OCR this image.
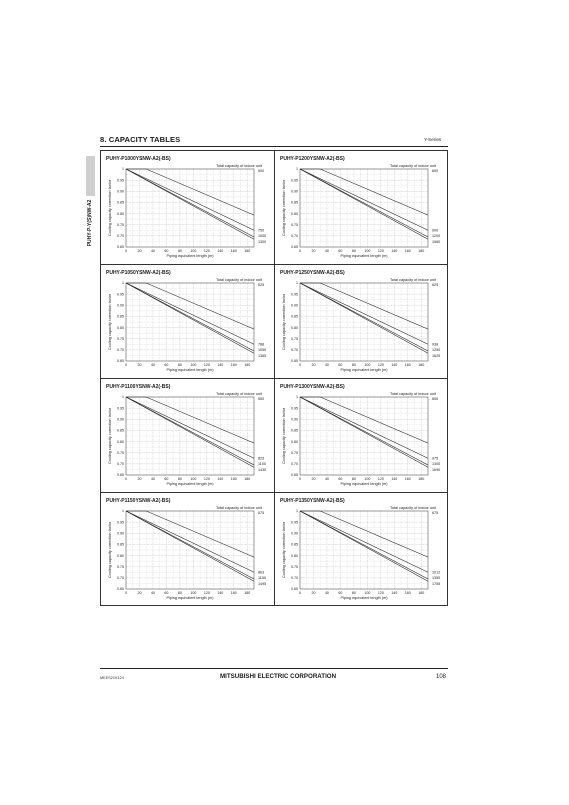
8. CAPACITY TABLES	Y-Series
PUHY-P-Y(S)NW-A2
PUHY-P1000YSNW-A2(-BS)
0.65
0.70
0.75
0.80
0.85
0.90
0.95
1
0	20	40	60	80 100 120 140 160 180
Piping equivalent length (m)
Cooling capacity correction factor
Total capacity of indoor unit
500
750
1000
1300
PUHY-P1200YSNW-A2(-BS)
0.65
0.70
0.75
0.80
0.85
0.90
0.95
1
0	20	40	60	80 100 120 140 160 180
Piping equivalent length (m)
Cooling capacity correction factor
Total capacity of indoor unit
600
900
1200
1560
PUHY-P1050YSNW-A2(-BS)
0.65
0.70
0.75
0.80
0.85
0.90
0.95
1
0	20	40	60	80 100 120 140 160 180
Piping equivalent length (m)
Cooling capacity correction factor
Total capacity of indoor unit
525
788
1050
1365
PUHY-P1250YSNW-A2(-BS)
0.65
0.70
0.75
0.80
0.85
0.90
0.95
1
0	20	40	60	80 100 120 140 160 180
Piping equivalent length (m)
Cooling capacity correction factor
Total capacity of indoor unit
625
938
1250
1625
PUHY-P1100YSNW-A2(-BS)
0.65
0.70
0.75
0.80
0.85
0.90
0.95
1
0	20	40	60	80 100 120 140 160 180
Piping equivalent length (m)
Cooling capacity correction factor
Total capacity of indoor unit
550
825
1100
1430
PUHY-P1300YSNW-A2(-BS)
0.65
0.70
0.75
0.80
0.85
0.90
0.95
1
0	20	40	60	80 100 120 140 160 180
Piping equivalent length (m)
Cooling capacity correction factor
Total capacity of indoor unit
650
975
1300
1690
PUHY-P1150YSNW-A2(-BS)
0.65
0.70
0.75
0.80
0.85
0.90
0.95
1
0	20	40	60	80 100 120 140 160 180
Piping equivalent length (m)
Cooling capacity correction factor
Total capacity of indoor unit
575
863
1150
1495
PUHY-P1350YSNW-A2(-BS)
0.65
0.70
0.75
0.80
0.85
0.90
0.95
1
0	20	40	60	80 100 120 140 160 180
Piping equivalent length (m)
Cooling capacity correction factor
Total capacity of indoor unit
675
1012
1350
1755
MEES21K124	MITSUBISHI ELECTRIC CORPORATION	108
